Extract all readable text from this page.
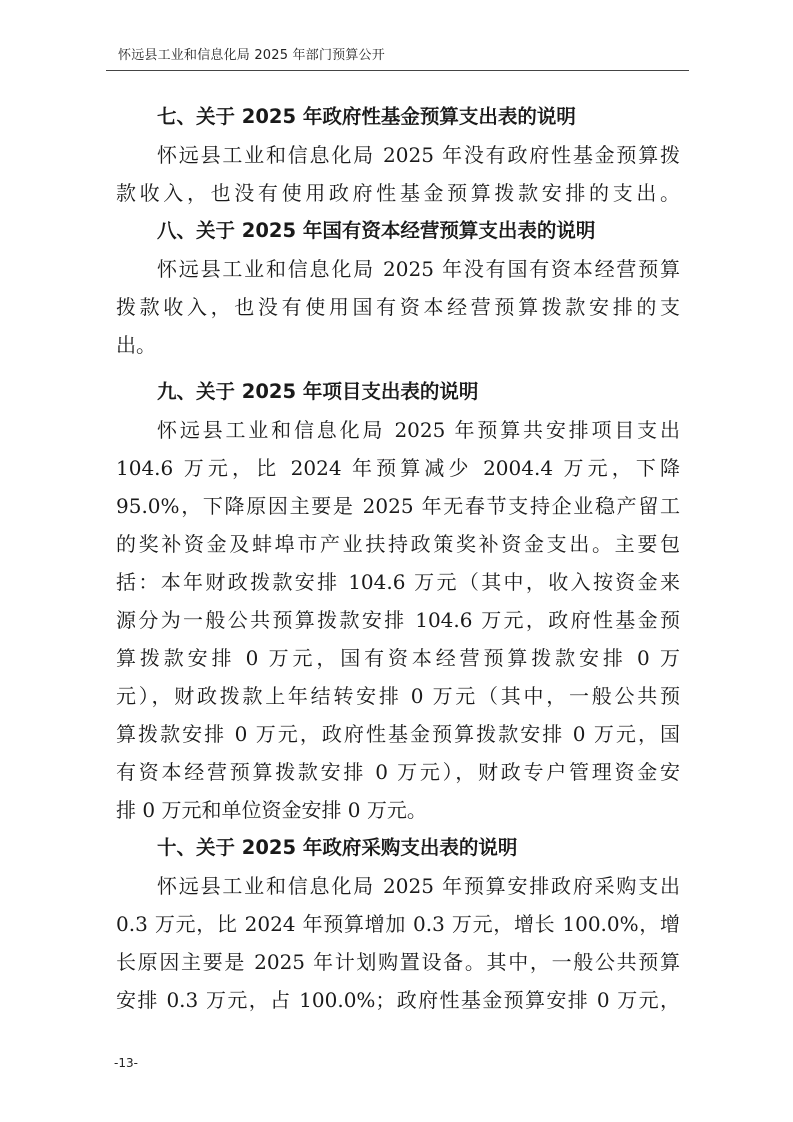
怀远县工业和信息化局 2025 年部门预算公开
七、关于 2025 年政府性基金预算支出表的说明
怀远县工业和信息化局 2025 年没有政府性基金预算拨
款收入，也没有使用政府性基金预算拨款安排的支出。
八、关于 2025 年国有资本经营预算支出表的说明
怀远县工业和信息化局 2025 年没有国有资本经营预算
拨款收入，也没有使用国有资本经营预算拨款安排的支
出。
九、关于 2025 年项目支出表的说明
怀远县工业和信息化局 2025 年预算共安排项目支出
104.6 万元，比 2024 年预算减少 2004.4 万元，下降
95.0%，下降原因主要是 2025 年无春节支持企业稳产留工
的奖补资金及蚌埠市产业扶持政策奖补资金支出。主要包
括：本年财政拨款安排 104.6 万元（其中，收入按资金来
源分为一般公共预算拨款安排 104.6 万元，政府性基金预
算拨款安排 0 万元，国有资本经营预算拨款安排 0 万
元），财政拨款上年结转安排 0 万元（其中，一般公共预
算拨款安排 0 万元，政府性基金预算拨款安排 0 万元，国
有资本经营预算拨款安排 0 万元），财政专户管理资金安
排 0 万元和单位资金安排 0 万元。
十、关于 2025 年政府采购支出表的说明
怀远县工业和信息化局 2025 年预算安排政府采购支出
0.3 万元，比 2024 年预算增加 0.3 万元，增长 100.0%，增
长原因主要是 2025 年计划购置设备。其中，一般公共预算
安排 0.3 万元，占 100.0%；政府性基金预算安排 0 万元，
-13-
